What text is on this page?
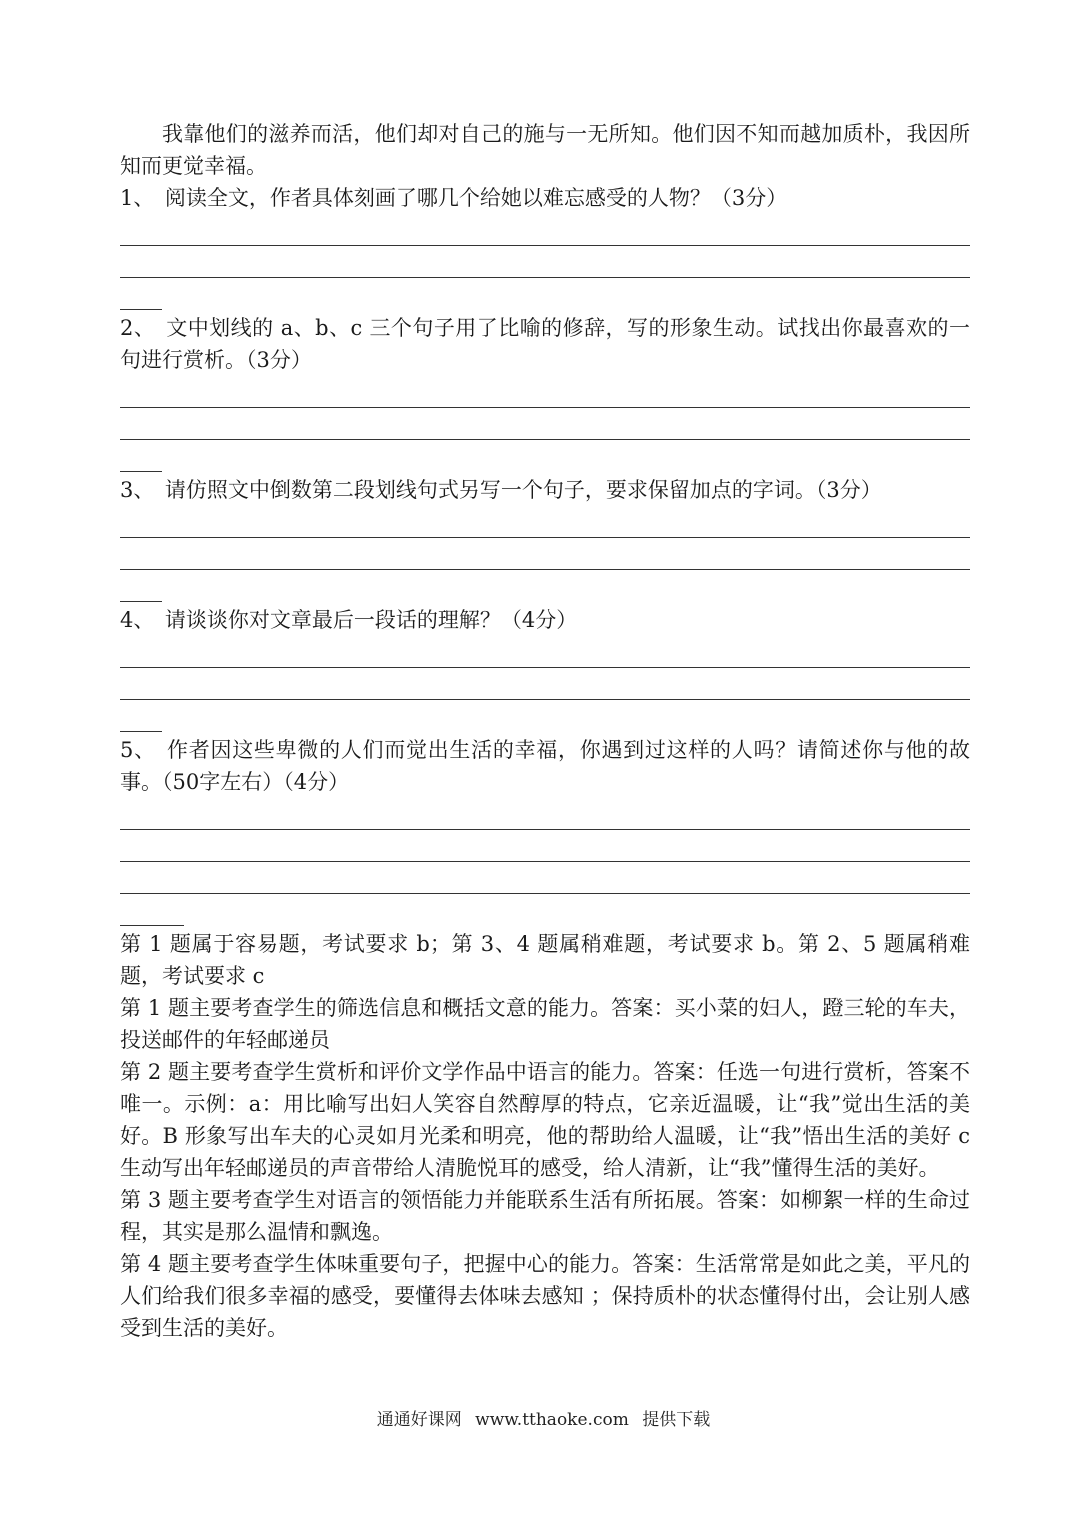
我靠他们的滋养而活，他们却对自己的施与一无所知。他们因不知而越加质朴，我因所知而更觉幸福。

1、　阅读全文，作者具体刻画了哪几个给她以难忘感受的人物？（3分）

2、　文中划线的 a、b、c 三个句子用了比喻的修辞，写的形象生动。试找出你最喜欢的一句进行赏析。（3分）

3、　请仿照文中倒数第二段划线句式另写一个句子，要求保留加点的字词。（3分）

4、　请谈谈你对文章最后一段话的理解？（4分）

5、　作者因这些卑微的人们而觉出生活的幸福，你遇到过这样的人吗？请简述你与他的故事。（50字左右）（4分）

第 1 题属于容易题，考试要求 b；第 3、4 题属稍难题，考试要求 b。第 2、5 题属稍难题，考试要求 c

第 1 题主要考查学生的筛选信息和概括文意的能力。答案：买小菜的妇人，蹬三轮的车夫，投送邮件的年轻邮递员

第 2 题主要考查学生赏析和评价文学作品中语言的能力。答案：任选一句进行赏析，答案不唯一。示例：a：用比喻写出妇人笑容自然醇厚的特点，它亲近温暖，让“我”觉出生活的美好。B 形象写出车夫的心灵如月光柔和明亮，他的帮助给人温暖，让“我”悟出生活的美好 c 生动写出年轻邮递员的声音带给人清脆悦耳的感受，给人清新，让“我”懂得生活的美好。

第 3 题主要考查学生对语言的领悟能力并能联系生活有所拓展。答案：如柳絮一样的生命过程，其实是那么温情和飘逸。

第 4 题主要考查学生体味重要句子，把握中心的能力。答案：生活常常是如此之美，平凡的人们给我们很多幸福的感受，要懂得去体味去感知 ；保持质朴的状态懂得付出，会让别人感受到生活的美好。

通通好课网 www.tthaoke.com 提供下载
